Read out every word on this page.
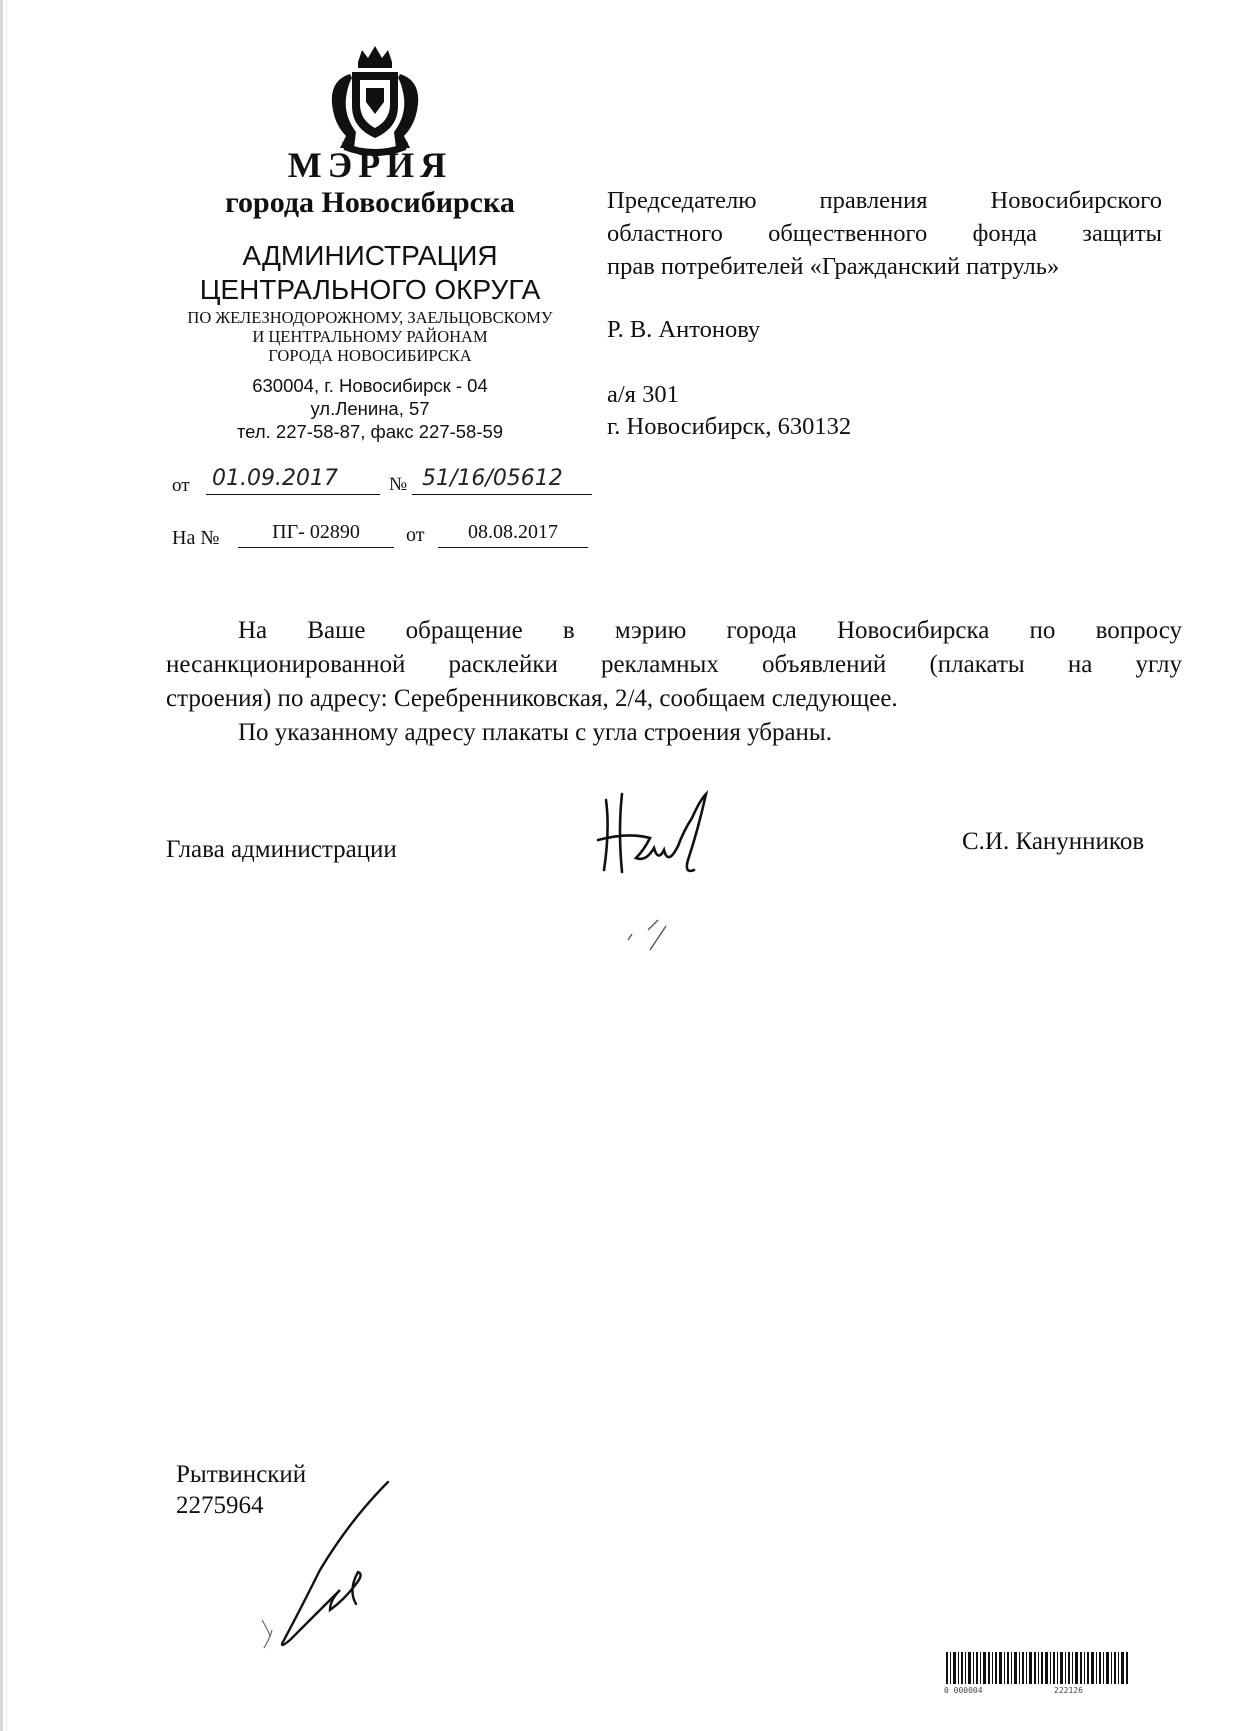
МЭРИЯ
города Новосибирска
АДМИНИСТРАЦИЯ
ЦЕНТРАЛЬНОГО ОКРУГА
ПО ЖЕЛЕЗНОДОРОЖНОМУ, ЗАЕЛЬЦОВСКОМУ
И ЦЕНТРАЛЬНОМУ РАЙОНАМ
ГОРОДА НОВОСИБИРСКА
630004, г. Новосибирск - 04
ул.Ленина, 57
тел. 227-58-87, факс 227-58-59
от 01.09.2017	№ 51/16/05612
На №	ПГ- 02890	от	08.08.2017
Председателю правления Новосибирского
областного общественного фонда защиты
прав потребителей «Гражданский патруль»
Р. В. Антонову
а/я 301
г. Новосибирск, 630132
На Ваше обращение в мэрию города Новосибирска по вопросу
несанкционированной расклейки рекламных объявлений (плакаты на углу
строения) по адресу: Серебренниковская, 2/4, сообщаем следующее.
По указанному адресу плакаты с угла строения убраны.
Глава администрации	С.И. Канунников
Рытвинский
2275964
0 000004	222126
